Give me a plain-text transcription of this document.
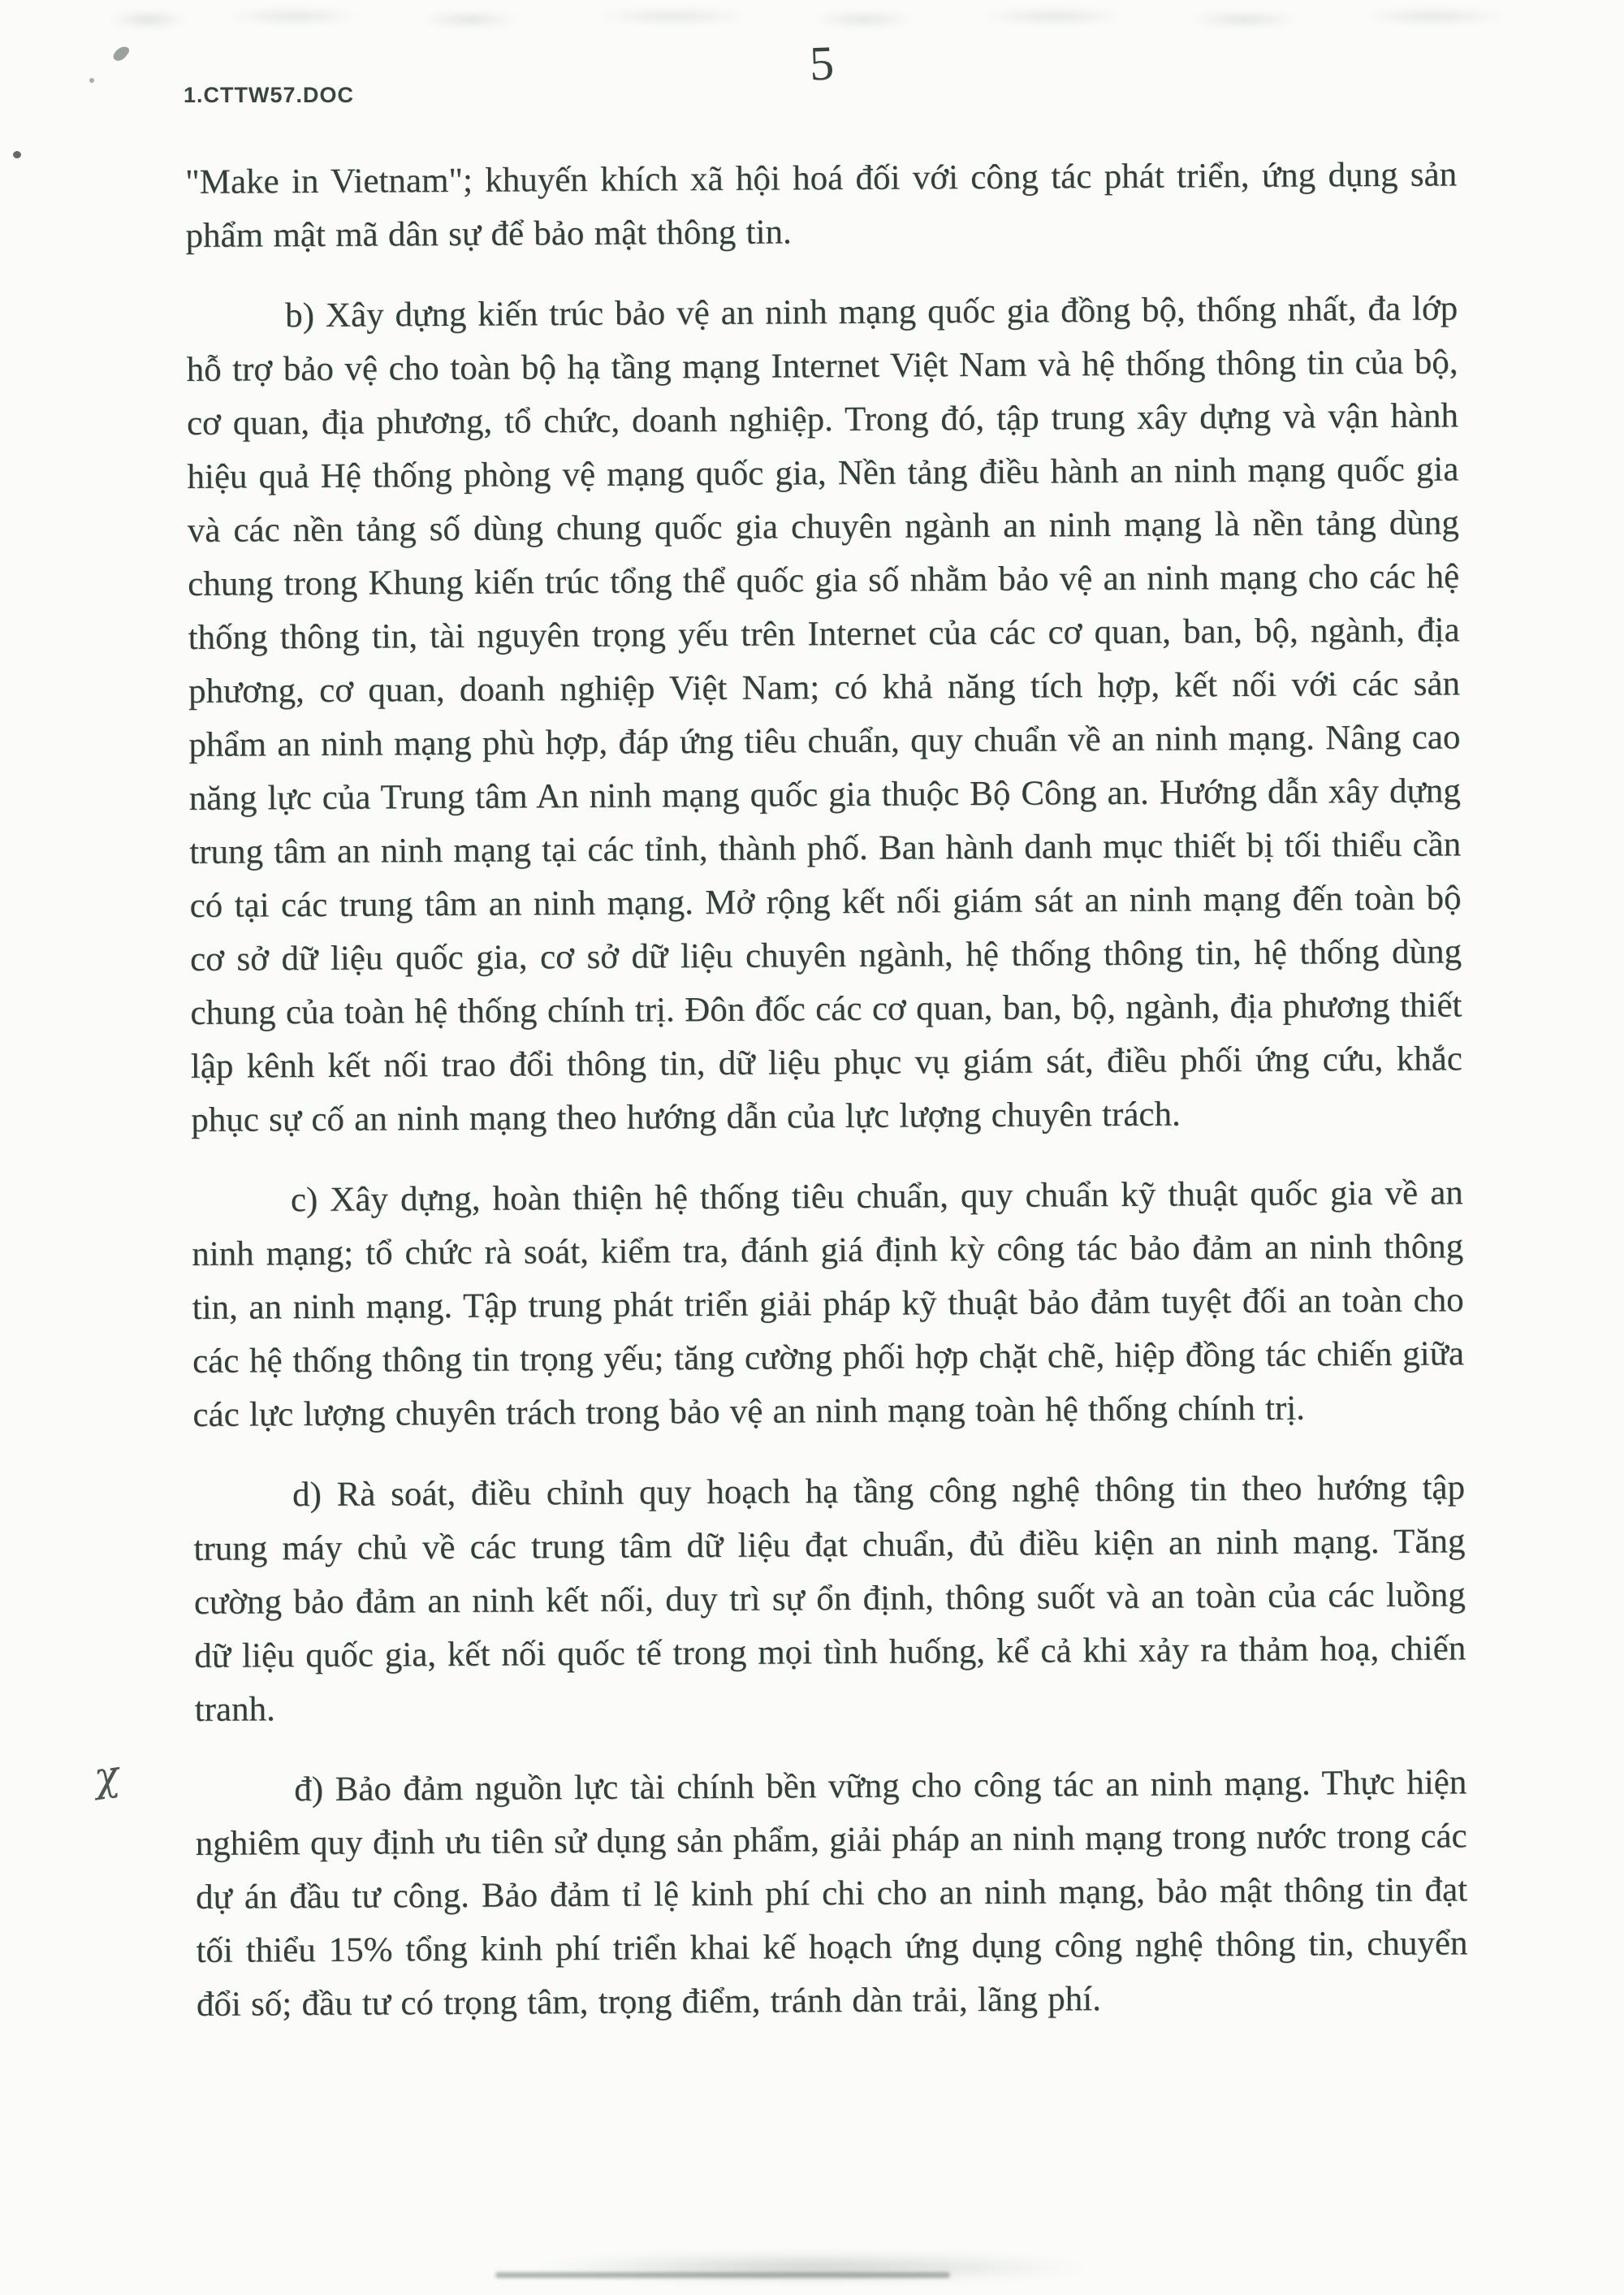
1.CTTW57.DOC
5

"Make in Vietnam"; khuyến khích xã hội hoá đối với công tác phát triển, ứng dụng sản phẩm mật mã dân sự để bảo mật thông tin.

b) Xây dựng kiến trúc bảo vệ an ninh mạng quốc gia đồng bộ, thống nhất, đa lớp hỗ trợ bảo vệ cho toàn bộ hạ tầng mạng Internet Việt Nam và hệ thống thông tin của bộ, cơ quan, địa phương, tổ chức, doanh nghiệp. Trong đó, tập trung xây dựng và vận hành hiệu quả Hệ thống phòng vệ mạng quốc gia, Nền tảng điều hành an ninh mạng quốc gia và các nền tảng số dùng chung quốc gia chuyên ngành an ninh mạng là nền tảng dùng chung trong Khung kiến trúc tổng thể quốc gia số nhằm bảo vệ an ninh mạng cho các hệ thống thông tin, tài nguyên trọng yếu trên Internet của các cơ quan, ban, bộ, ngành, địa phương, cơ quan, doanh nghiệp Việt Nam; có khả năng tích hợp, kết nối với các sản phẩm an ninh mạng phù hợp, đáp ứng tiêu chuẩn, quy chuẩn về an ninh mạng. Nâng cao năng lực của Trung tâm An ninh mạng quốc gia thuộc Bộ Công an. Hướng dẫn xây dựng trung tâm an ninh mạng tại các tỉnh, thành phố. Ban hành danh mục thiết bị tối thiểu cần có tại các trung tâm an ninh mạng. Mở rộng kết nối giám sát an ninh mạng đến toàn bộ cơ sở dữ liệu quốc gia, cơ sở dữ liệu chuyên ngành, hệ thống thông tin, hệ thống dùng chung của toàn hệ thống chính trị. Đôn đốc các cơ quan, ban, bộ, ngành, địa phương thiết lập kênh kết nối trao đổi thông tin, dữ liệu phục vụ giám sát, điều phối ứng cứu, khắc phục sự cố an ninh mạng theo hướng dẫn của lực lượng chuyên trách.

c) Xây dựng, hoàn thiện hệ thống tiêu chuẩn, quy chuẩn kỹ thuật quốc gia về an ninh mạng; tổ chức rà soát, kiểm tra, đánh giá định kỳ công tác bảo đảm an ninh thông tin, an ninh mạng. Tập trung phát triển giải pháp kỹ thuật bảo đảm tuyệt đối an toàn cho các hệ thống thông tin trọng yếu; tăng cường phối hợp chặt chẽ, hiệp đồng tác chiến giữa các lực lượng chuyên trách trong bảo vệ an ninh mạng toàn hệ thống chính trị.

d) Rà soát, điều chỉnh quy hoạch hạ tầng công nghệ thông tin theo hướng tập trung máy chủ về các trung tâm dữ liệu đạt chuẩn, đủ điều kiện an ninh mạng. Tăng cường bảo đảm an ninh kết nối, duy trì sự ổn định, thông suốt và an toàn của các luồng dữ liệu quốc gia, kết nối quốc tế trong mọi tình huống, kể cả khi xảy ra thảm hoạ, chiến tranh.

đ) Bảo đảm nguồn lực tài chính bền vững cho công tác an ninh mạng. Thực hiện nghiêm quy định ưu tiên sử dụng sản phẩm, giải pháp an ninh mạng trong nước trong các dự án đầu tư công. Bảo đảm tỉ lệ kinh phí chi cho an ninh mạng, bảo mật thông tin đạt tối thiểu 15% tổng kinh phí triển khai kế hoạch ứng dụng công nghệ thông tin, chuyển đổi số; đầu tư có trọng tâm, trọng điểm, tránh dàn trải, lãng phí.

χ
